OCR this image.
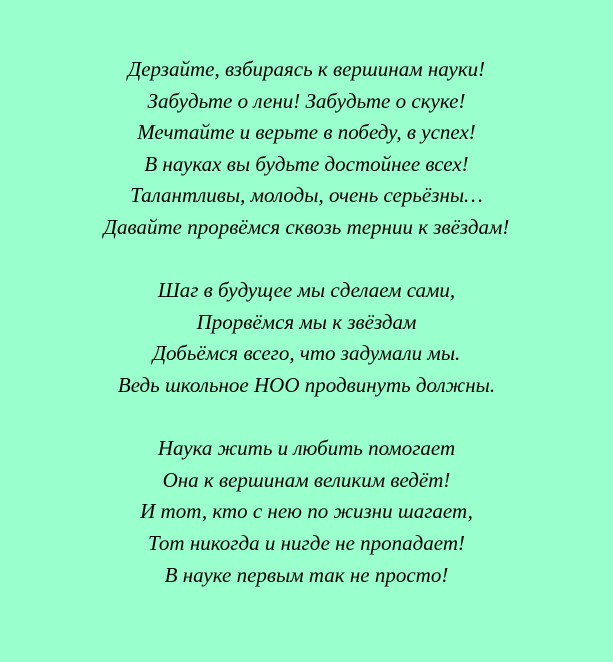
Дерзайте, взбираясь к вершинам науки!
Забудьте о лени! Забудьте о скуке!
Мечтайте и верьте в победу, в успех!
В науках вы будьте достойнее всех!
Талантливы, молоды, очень серьёзны…
Давайте прорвёмся сквозь тернии к звёздам!
Шаг в будущее мы сделаем сами,
Прорвёмся мы к звёздам
Добьёмся всего, что задумали мы.
Ведь школьное НОО продвинуть должны.
Наука жить и любить помогает
Она к вершинам великим ведёт!
И тот, кто с нею по жизни шагает,
Тот никогда и нигде не пропадает!
В науке первым так не просто!
